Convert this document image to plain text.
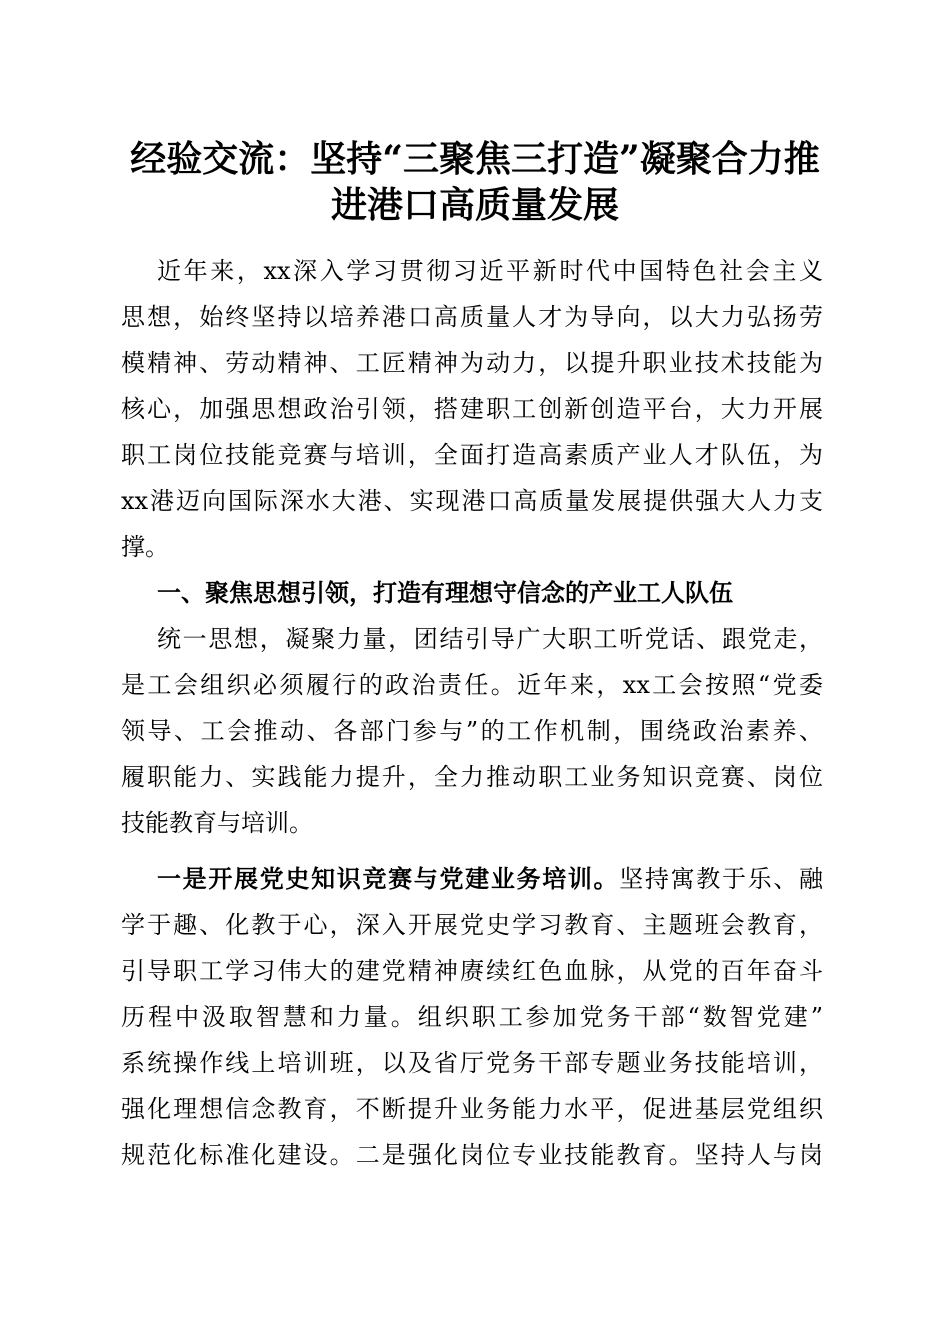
经验交流：坚持“三聚焦三打造”凝聚合力推
进港口高质量发展
近年来，xx深入学习贯彻习近平新时代中国特色社会主义
思想，始终坚持以培养港口高质量人才为导向，以大力弘扬劳
模精神、劳动精神、工匠精神为动力，以提升职业技术技能为
核心，加强思想政治引领，搭建职工创新创造平台，大力开展
职工岗位技能竞赛与培训，全面打造高素质产业人才队伍，为
xx港迈向国际深水大港、实现港口高质量发展提供强大人力支
撑。
一、聚焦思想引领，打造有理想守信念的产业工人队伍
统一思想，凝聚力量，团结引导广大职工听党话、跟党走，
是工会组织必须履行的政治责任。近年来，xx工会按照“党委
领导、工会推动、各部门参与”的工作机制，围绕政治素养、
履职能力、实践能力提升，全力推动职工业务知识竞赛、岗位
技能教育与培训。
一是开展党史知识竞赛与党建业务培训。坚持寓教于乐、融
学于趣、化教于心，深入开展党史学习教育、主题班会教育，
引导职工学习伟大的建党精神赓续红色血脉，从党的百年奋斗
历程中汲取智慧和力量。组织职工参加党务干部“数智党建”
系统操作线上培训班，以及省厅党务干部专题业务技能培训，
强化理想信念教育，不断提升业务能力水平，促进基层党组织
规范化标准化建设。二是强化岗位专业技能教育。坚持人与岗
